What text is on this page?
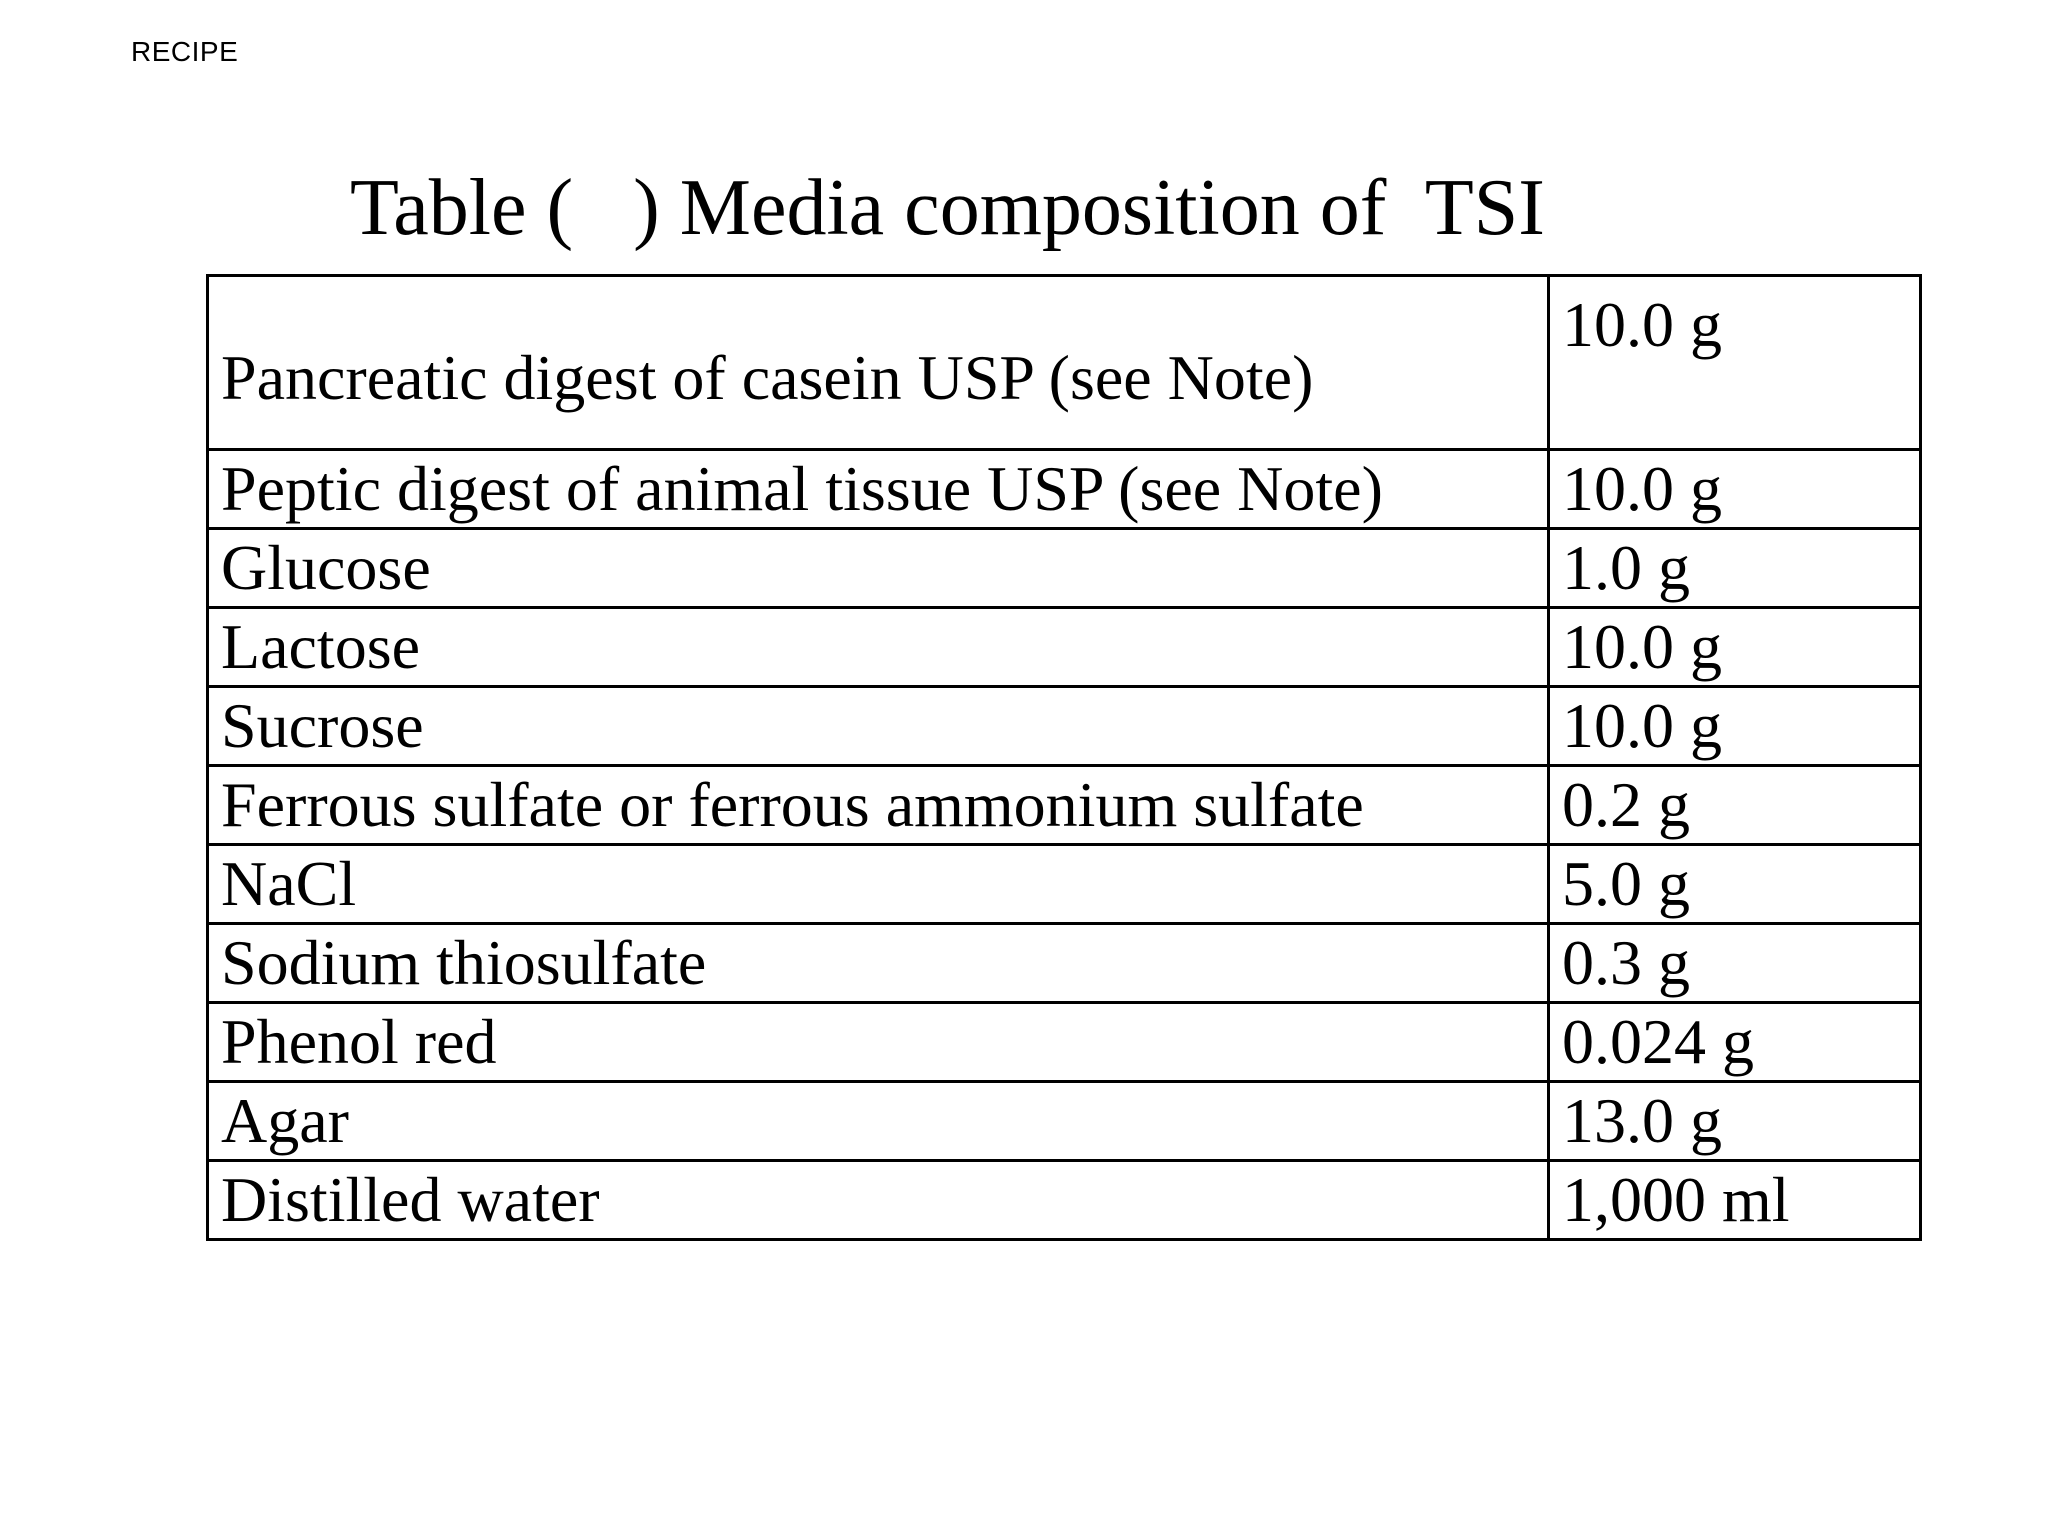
RECIPE
Table (   ) Media composition of  TSI
Pancreatic digest of casein USP (see Note)	10.0 g
Peptic digest of animal tissue USP (see Note)	10.0 g
Glucose	1.0 g
Lactose	10.0 g
Sucrose	10.0 g
Ferrous sulfate or ferrous ammonium sulfate	0.2 g
NaCl	5.0 g
Sodium thiosulfate	0.3 g
Phenol red	0.024 g
Agar	13.0 g
Distilled water	1,000 ml
